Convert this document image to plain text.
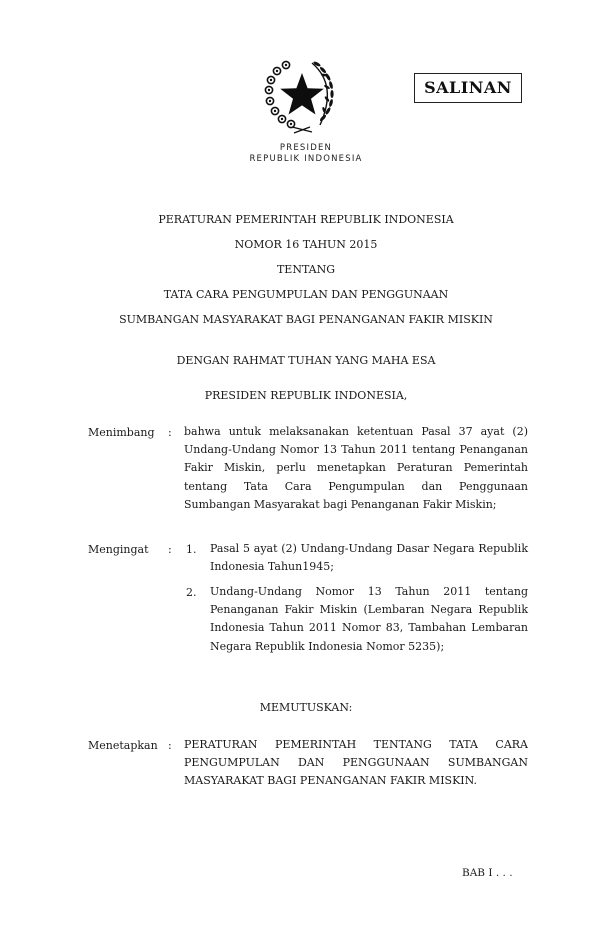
PRESIDEN
REPUBLIK INDONESIA
SALINAN
PERATURAN PEMERINTAH REPUBLIK INDONESIA
NOMOR 16 TAHUN 2015
TENTANG
TATA CARA PENGUMPULAN DAN PENGGUNAAN
SUMBANGAN MASYARAKAT BAGI PENANGANAN FAKIR MISKIN
DENGAN RAHMAT TUHAN YANG MAHA ESA
PRESIDEN REPUBLIK INDONESIA,
Menimbang : bahwa untuk melaksanakan ketentuan Pasal 37 ayat (2) Undang-Undang Nomor 13 Tahun 2011 tentang Penanganan Fakir Miskin, perlu menetapkan Peraturan Pemerintah tentang Tata Cara Pengumpulan dan Penggunaan Sumbangan Masyarakat bagi Penanganan Fakir Miskin;
Mengingat : 1. Pasal 5 ayat (2) Undang-Undang Dasar Negara Republik Indonesia Tahun1945;
2. Undang-Undang Nomor 13 Tahun 2011 tentang Penanganan Fakir Miskin (Lembaran Negara Republik Indonesia Tahun 2011 Nomor 83, Tambahan Lembaran Negara Republik Indonesia Nomor 5235);
MEMUTUSKAN:
Menetapkan : PERATURAN PEMERINTAH TENTANG TATA CARA PENGUMPULAN DAN PENGGUNAAN SUMBANGAN MASYARAKAT BAGI PENANGANAN FAKIR MISKIN.
BAB I . . .
